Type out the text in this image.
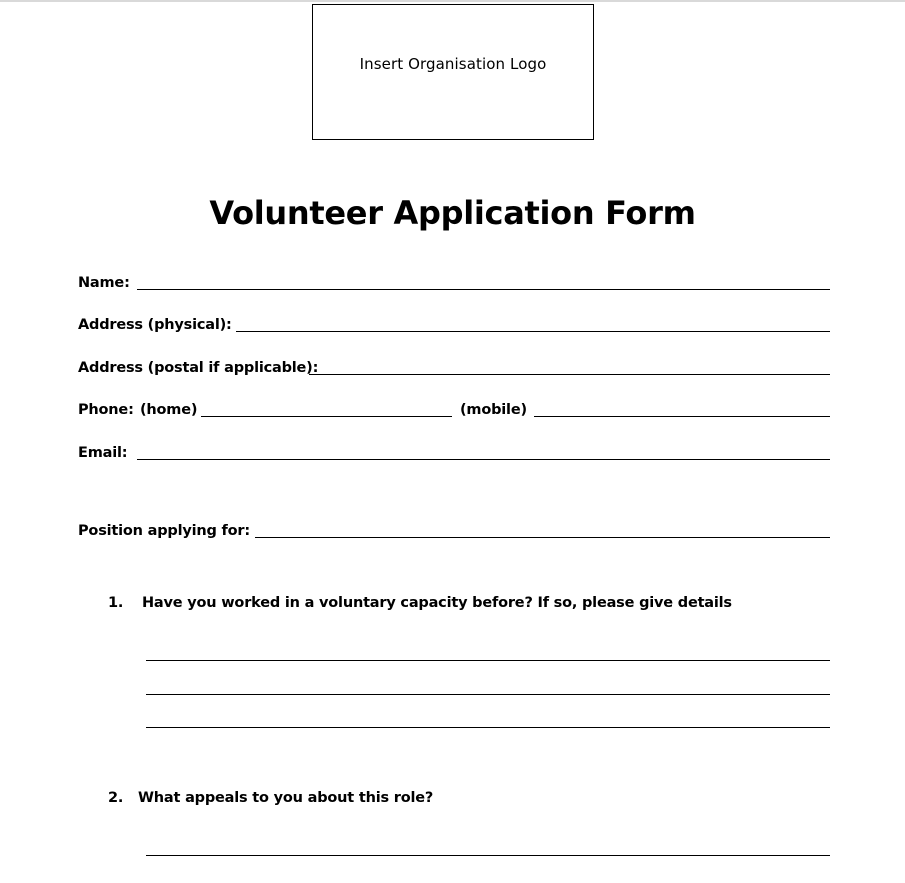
Insert Organisation Logo
Volunteer Application Form
Name:
Address (physical):
Address (postal if applicable):
Phone: (home)	(mobile)
Email:
Position applying for:
1. Have you worked in a voluntary capacity before? If so, please give details
2. What appeals to you about this role?
